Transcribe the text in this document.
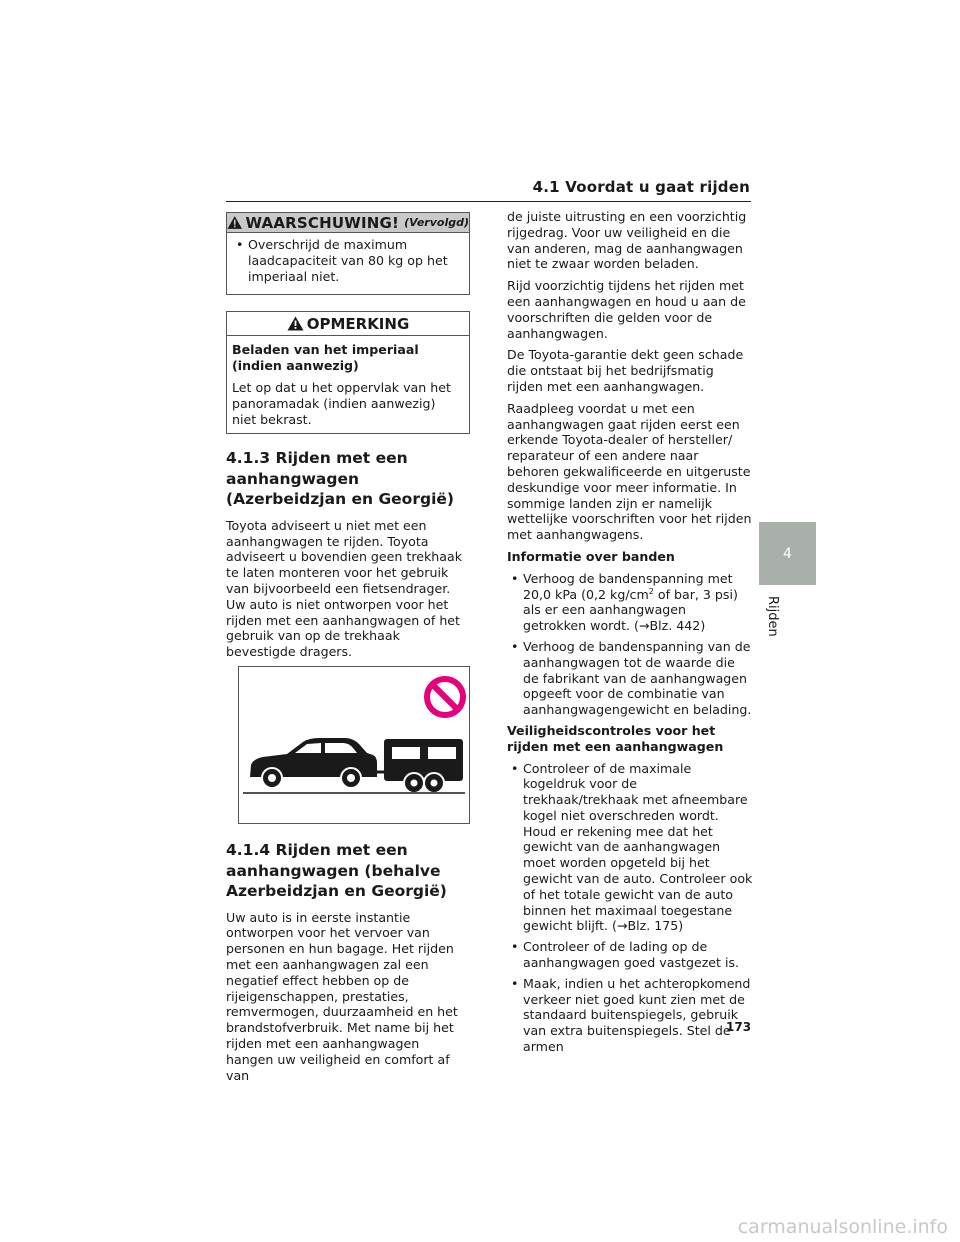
4.1 Voordat u gaat rijden
WAARSCHUWING! (Vervolgd)
• Overschrijd de maximum laadcapaciteit van 80 kg op het imperiaal niet.
OPMERKING
Beladen van het imperiaal (indien aanwezig)

Let op dat u het oppervlak van het panoramadak (indien aanwezig) niet bekrast.

4.1.3 Rijden met een aanhangwagen (Azerbeidzjan en Georgië)

Toyota adviseert u niet met een aanhangwagen te rijden. Toyota adviseert u bovendien geen trekhaak te laten monteren voor het gebruik van bijvoorbeeld een fietsendrager. Uw auto is niet ontworpen voor het rijden met een aanhangwagen of het gebruik van op de trekhaak bevestigde dragers.

4.1.4 Rijden met een aanhangwagen (behalve Azerbeidzjan en Georgië)

Uw auto is in eerste instantie ontworpen voor het vervoer van personen en hun bagage. Het rijden met een aanhangwagen zal een negatief effect hebben op de rijeigenschappen, prestaties, remvermogen, duurzaamheid en het brandstofverbruik. Met name bij het rijden met een aanhangwagen hangen uw veiligheid en comfort af van

de juiste uitrusting en een voorzichtig rijgedrag. Voor uw veiligheid en die van anderen, mag de aanhangwagen niet te zwaar worden beladen.

Rijd voorzichtig tijdens het rijden met een aanhangwagen en houd u aan de voorschriften die gelden voor de aanhangwagen.

De Toyota-garantie dekt geen schade die ontstaat bij het bedrijfsmatig rijden met een aanhangwagen.

Raadpleeg voordat u met een aanhangwagen gaat rijden eerst een erkende Toyota-dealer of hersteller/ reparateur of een andere naar behoren gekwalificeerde en uitgeruste deskundige voor meer informatie. In sommige landen zijn er namelijk wettelijke voorschriften voor het rijden met aanhangwagens.

Informatie over banden
• Verhoog de bandenspanning met 20,0 kPa (0,2 $kg/cm^2$ of bar, 3 psi) als er een aanhangwagen getrokken wordt. (→Blz. 442)
• Verhoog de bandenspanning van de aanhangwagen tot de waarde die de fabrikant van de aanhangwagen opgeeft voor de combinatie van aanhangwagengewicht en belading.
Veiligheidscontroles voor het rijden met een aanhangwagen
• Controleer of de maximale kogeldruk voor de trekhaak/trekhaak met afneembare kogel niet overschreden wordt. Houd er rekening mee dat het gewicht van de aanhangwagen moet worden opgeteld bij het gewicht van de auto. Controleer ook of het totale gewicht van de auto binnen het maximaal toegestane gewicht blijft. (→Blz. 175)
• Controleer of de lading op de aanhangwagen goed vastgezet is.
• Maak, indien u het achteropkomend verkeer niet goed kunt zien met de standaard buitenspiegels, gebruik van extra buitenspiegels. Stel de armen
4
Rijden
173
carmanualsonline.info
